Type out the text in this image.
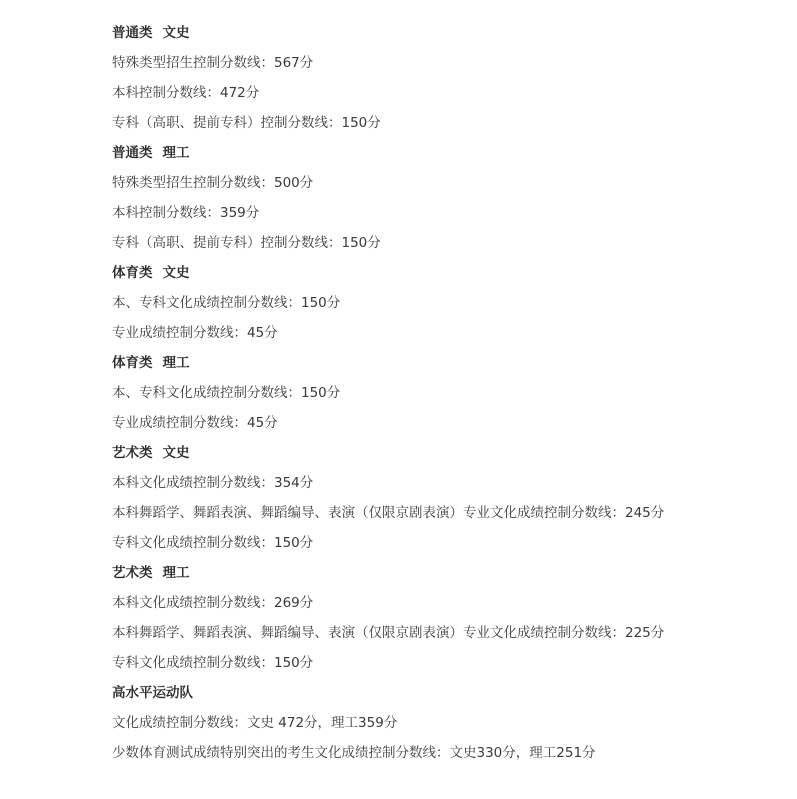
普通类 文史
特殊类型招生控制分数线：567分
本科控制分数线：472分
专科（高职、提前专科）控制分数线：150分
普通类 理工
特殊类型招生控制分数线：500分
本科控制分数线：359分
专科（高职、提前专科）控制分数线：150分
体育类 文史
本、专科文化成绩控制分数线：150分
专业成绩控制分数线：45分
体育类 理工
本、专科文化成绩控制分数线：150分
专业成绩控制分数线：45分
艺术类 文史
本科文化成绩控制分数线：354分
本科舞蹈学、舞蹈表演、舞蹈编导、表演（仅限京剧表演）专业文化成绩控制分数线：245分
专科文化成绩控制分数线：150分
艺术类 理工
本科文化成绩控制分数线：269分
本科舞蹈学、舞蹈表演、舞蹈编导、表演（仅限京剧表演）专业文化成绩控制分数线：225分
专科文化成绩控制分数线：150分
高水平运动队
文化成绩控制分数线：文史 472分，理工359分
少数体育测试成绩特别突出的考生文化成绩控制分数线：文史330分，理工251分
